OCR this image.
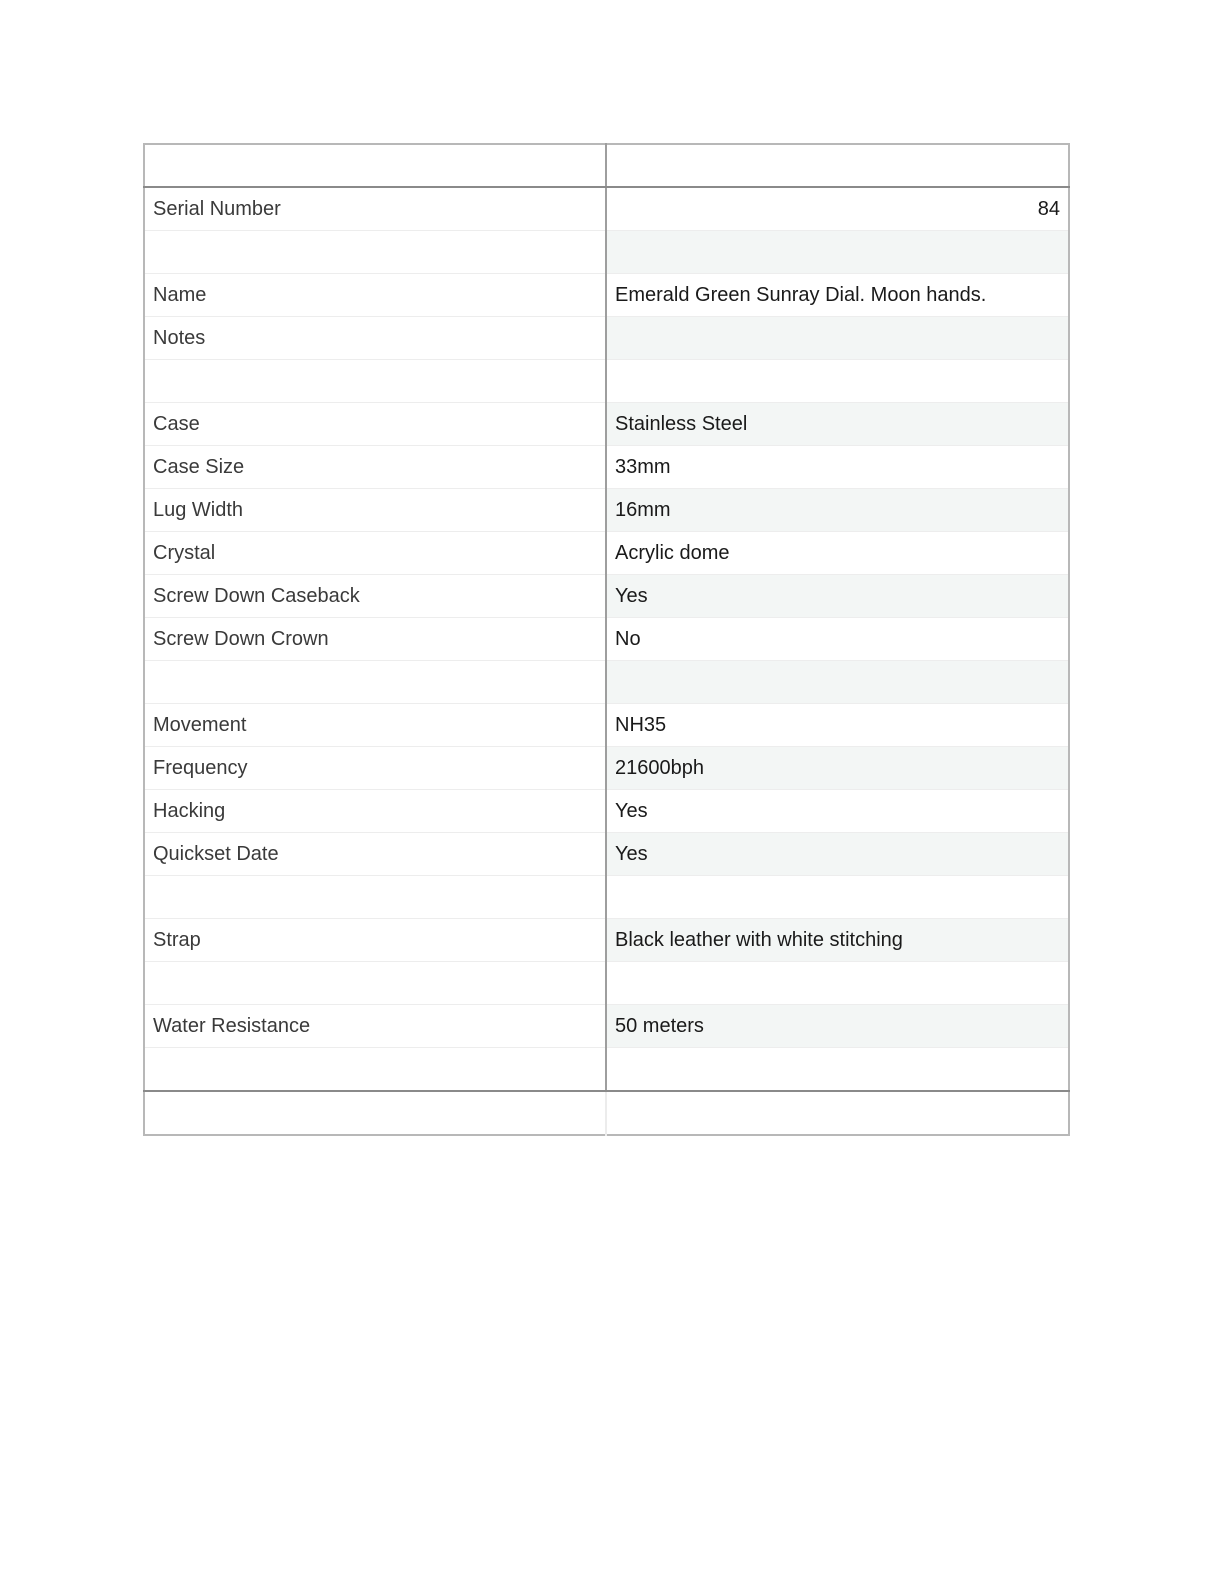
Serial Number	84

Name	Emerald Green Sunray Dial. Moon hands.
Notes	

Case	Stainless Steel
Case Size	33mm
Lug Width	16mm
Crystal	Acrylic dome
Screw Down Caseback	Yes
Screw Down Crown	No

Movement	NH35
Frequency	21600bph
Hacking	Yes
Quickset Date	Yes

Strap	Black leather with white stitching

Water Resistance	50 meters
